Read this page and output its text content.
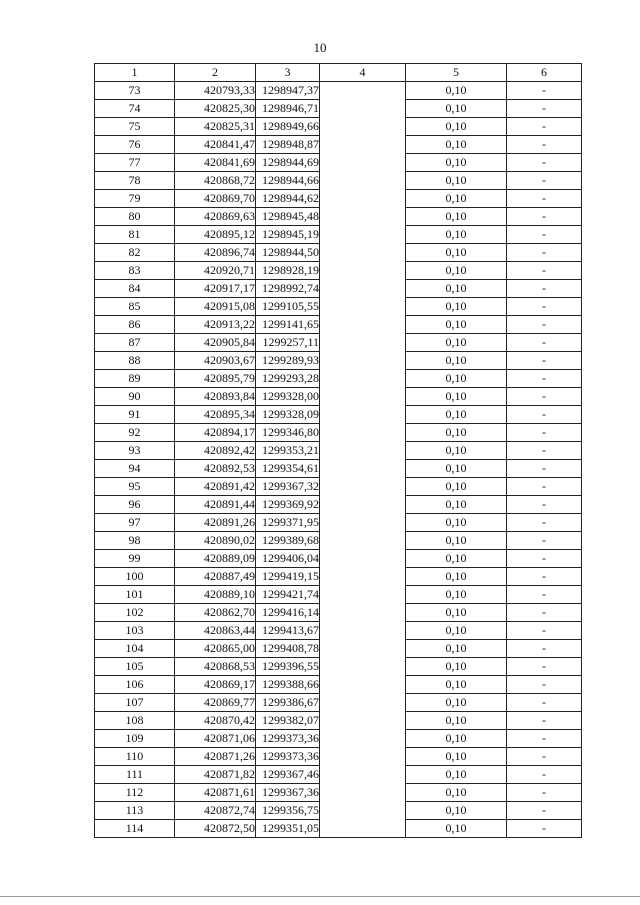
10
1	2	3	4	5	6
73	420793,33	1298947,37		0,10	-
74	420825,30	1298946,71		0,10	-
75	420825,31	1298949,66		0,10	-
76	420841,47	1298948,87		0,10	-
77	420841,69	1298944,69		0,10	-
78	420868,72	1298944,66		0,10	-
79	420869,70	1298944,62		0,10	-
80	420869,63	1298945,48		0,10	-
81	420895,12	1298945,19		0,10	-
82	420896,74	1298944,50		0,10	-
83	420920,71	1298928,19		0,10	-
84	420917,17	1298992,74		0,10	-
85	420915,08	1299105,55		0,10	-
86	420913,22	1299141,65		0,10	-
87	420905,84	1299257,11		0,10	-
88	420903,67	1299289,93		0,10	-
89	420895,79	1299293,28		0,10	-
90	420893,84	1299328,00		0,10	-
91	420895,34	1299328,09		0,10	-
92	420894,17	1299346,80		0,10	-
93	420892,42	1299353,21		0,10	-
94	420892,53	1299354,61		0,10	-
95	420891,42	1299367,32		0,10	-
96	420891,44	1299369,92		0,10	-
97	420891,26	1299371,95		0,10	-
98	420890,02	1299389,68		0,10	-
99	420889,09	1299406,04		0,10	-
100	420887,49	1299419,15		0,10	-
101	420889,10	1299421,74		0,10	-
102	420862,70	1299416,14		0,10	-
103	420863,44	1299413,67		0,10	-
104	420865,00	1299408,78		0,10	-
105	420868,53	1299396,55		0,10	-
106	420869,17	1299388,66		0,10	-
107	420869,77	1299386,67		0,10	-
108	420870,42	1299382,07		0,10	-
109	420871,06	1299373,36		0,10	-
110	420871,26	1299373,36		0,10	-
111	420871,82	1299367,46		0,10	-
112	420871,61	1299367,36		0,10	-
113	420872,74	1299356,75		0,10	-
114	420872,50	1299351,05		0,10	-
